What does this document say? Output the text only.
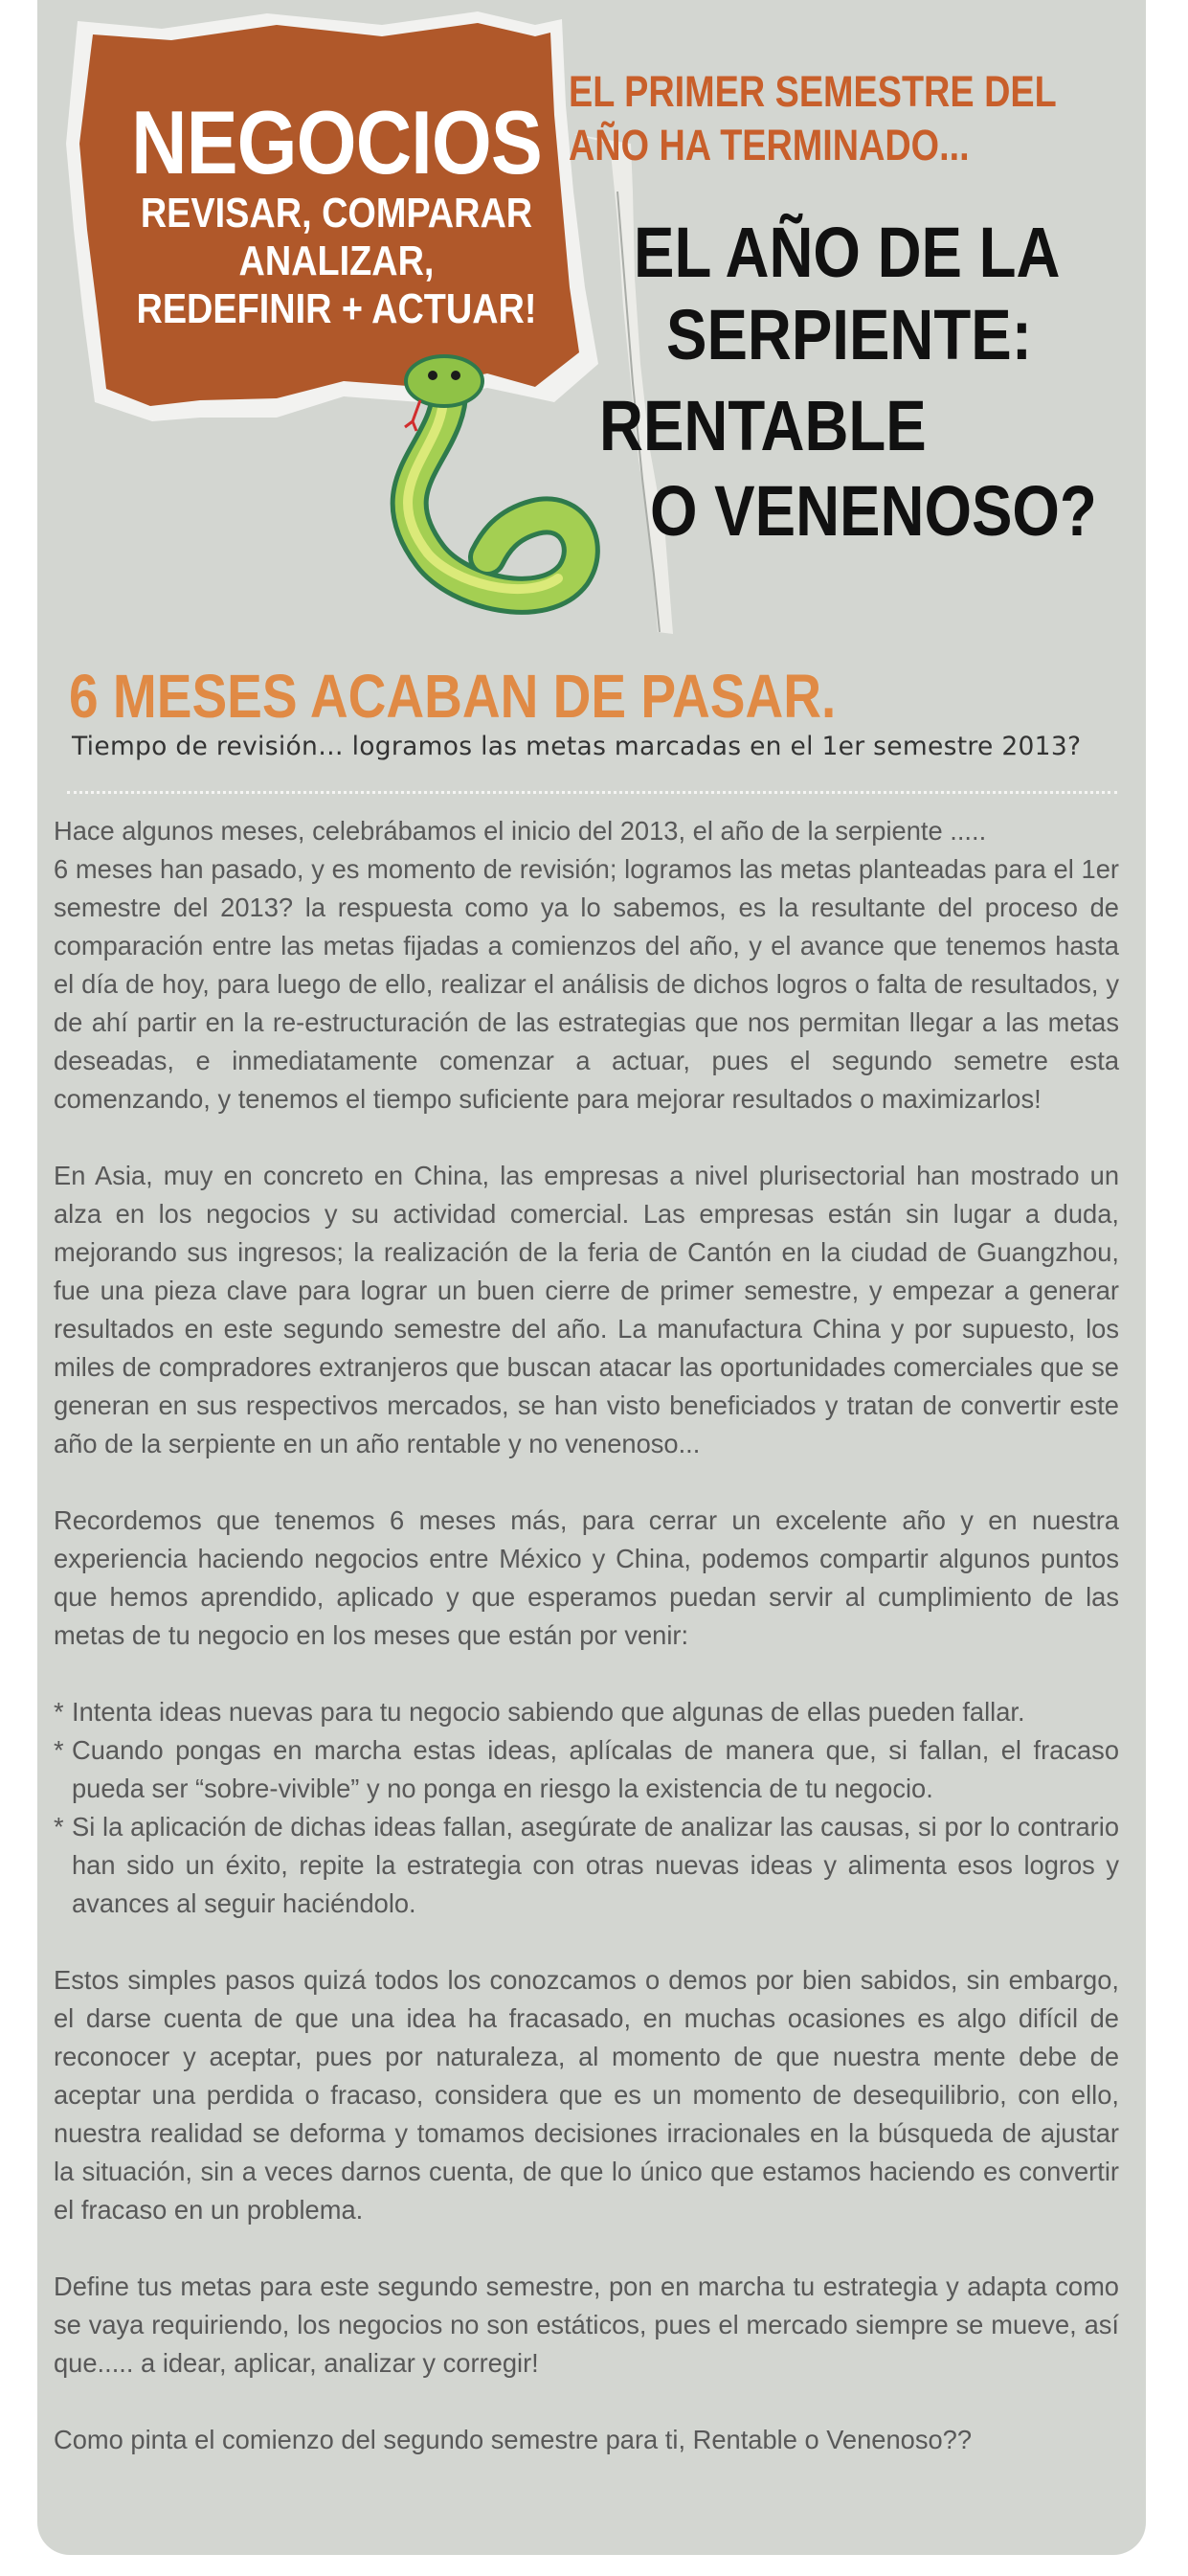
NEGOCIOS
REVISAR, COMPARAR
ANALIZAR,
REDEFINIR + ACTUAR!
EL PRIMER SEMESTRE DEL
AÑO HA TERMINADO...
EL AÑO DE LA
SERPIENTE:
RENTABLE
O VENENOSO?
6 MESES ACABAN DE PASAR.
Tiempo de revisión… logramos las metas marcadas en el 1er semestre 2013?

Hace algunos meses, celebrábamos el inicio del 2013, el año de la serpiente .....
6 meses han pasado, y es momento de revisión; logramos las metas planteadas para el 1er semestre del 2013? la respuesta como ya lo sabemos, es la resultante del proceso de comparación entre las metas fijadas a comienzos del año, y el avance que tenemos hasta el día de hoy, para luego de ello, realizar el análisis de dichos logros o falta de resultados, y de ahí partir en la re-estructuración de las estrategias que nos permitan llegar a las metas deseadas, e inmediatamente comenzar a actuar, pues el segundo semetre esta comenzando, y tenemos el tiempo suficiente para mejorar resultados o maximizarlos!

En Asia, muy en concreto en China, las empresas a nivel plurisectorial han mostrado un alza en los negocios y su actividad comercial. Las empresas están sin lugar a duda, mejorando sus ingresos; la realización de la feria de Cantón en la ciudad de Guangzhou, fue una pieza clave para lograr un buen cierre de primer semestre, y empezar a generar resultados en este segundo semestre del año. La manufactura China y por supuesto, los miles de compradores extranjeros que buscan atacar las oportunidades comerciales que se generan en sus respectivos mercados, se han visto beneficiados y tratan de convertir este año de la serpiente en un año rentable y no venenoso...

Recordemos que tenemos 6 meses más, para cerrar un excelente año y en nuestra experiencia haciendo negocios entre México y China, podemos compartir algunos puntos que hemos aprendido, aplicado y que esperamos puedan servir al cumplimiento de las metas de tu negocio en los meses que están por venir:

* Intenta ideas nuevas para tu negocio sabiendo que algunas de ellas pueden fallar.
* Cuando pongas en marcha estas ideas, aplícalas de manera que, si fallan, el fracaso pueda ser “sobre-vivible” y no ponga en riesgo la existencia de tu negocio.
* Si la aplicación de dichas ideas fallan, asegúrate de analizar las causas, si por lo contrario han sido un éxito, repite la estrategia con otras nuevas ideas y alimenta esos logros y avances al seguir haciéndolo.

Estos simples pasos quizá todos los conozcamos o demos por bien sabidos, sin embargo, el darse cuenta de que una idea ha fracasado, en muchas ocasiones es algo difícil de reconocer y aceptar, pues por naturaleza, al momento de que nuestra mente debe de aceptar una perdida o fracaso, considera que es un momento de desequilibrio, con ello, nuestra realidad se deforma y tomamos decisiones irracionales en la búsqueda de ajustar la situación, sin a veces darnos cuenta, de que lo único que estamos haciendo es convertir el fracaso en un problema.

Define tus metas para este segundo semestre, pon en marcha tu estrategia y adapta como se vaya requiriendo, los negocios no son estáticos, pues el mercado siempre se mueve, así que..... a idear, aplicar, analizar y corregir!

Como pinta el comienzo del segundo semestre para ti, Rentable o Venenoso??
